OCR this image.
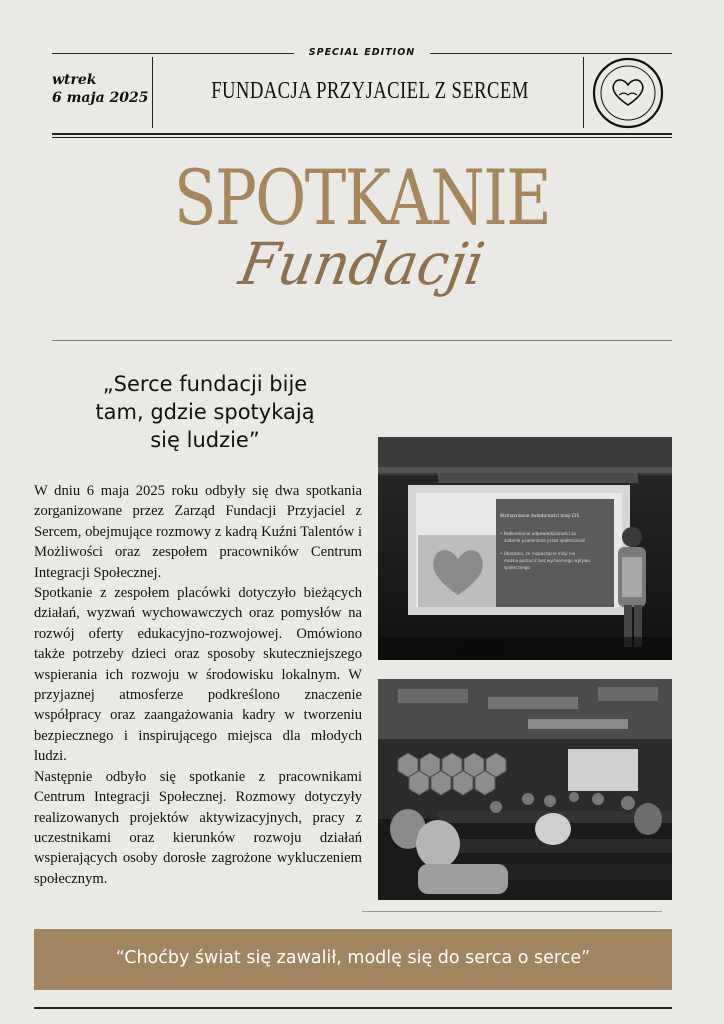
SPECIAL EDITION
wtrek
6 maja 2025	FUNDACJA PRZYJACIEL Z SERCEM
SPOTKANIE
Fundacji
„Serce fundacji bije
tam, gdzie spotykają
się ludzie”

W dniu 6 maja 2025 roku odbyły się dwa spotkania zorganizowane przez Zarząd Fundacji Przyjaciel z Sercem, obejmujące rozmowy z kadrą Kuźni Talentów i Możliwości oraz zespołem pracowników Centrum Integracji Społecznej.

Spotkanie z zespołem placówki dotyczyło bieżących działań, wyzwań wychowawczych oraz pomysłów na rozwój oferty edukacyjno-rozwojowej. Omówiono także potrzeby dzieci oraz sposoby skuteczniejszego wspierania ich rozwoju w środowisku lokalnym. W przyjaznej atmosferze podkreślono znaczenie współpracy oraz zaangażowania kadry w tworzeniu bezpiecznego i inspirującego miejsca dla młodych ludzi.

Następnie odbyło się spotkanie z pracownikami Centrum Integracji Społecznej. Rozmowy dotyczyły realizowanych projektów aktywizacyjnych, pracy z uczestnikami oraz kierunków rozwoju działań wspierających osoby dorosłe zagrożone wykluczeniem społecznym.

Wzmacnianie świadomości misji CIS
• Podkreślanie odpowiedzialności za
zadanie powierzone przez społeczność
• Ukazanie, że rozpoczęcie misji nie
można porzucić bez wymiernego wpływu
społecznego
“Choćby świat się zawalił, modlę się do serca o serce”
